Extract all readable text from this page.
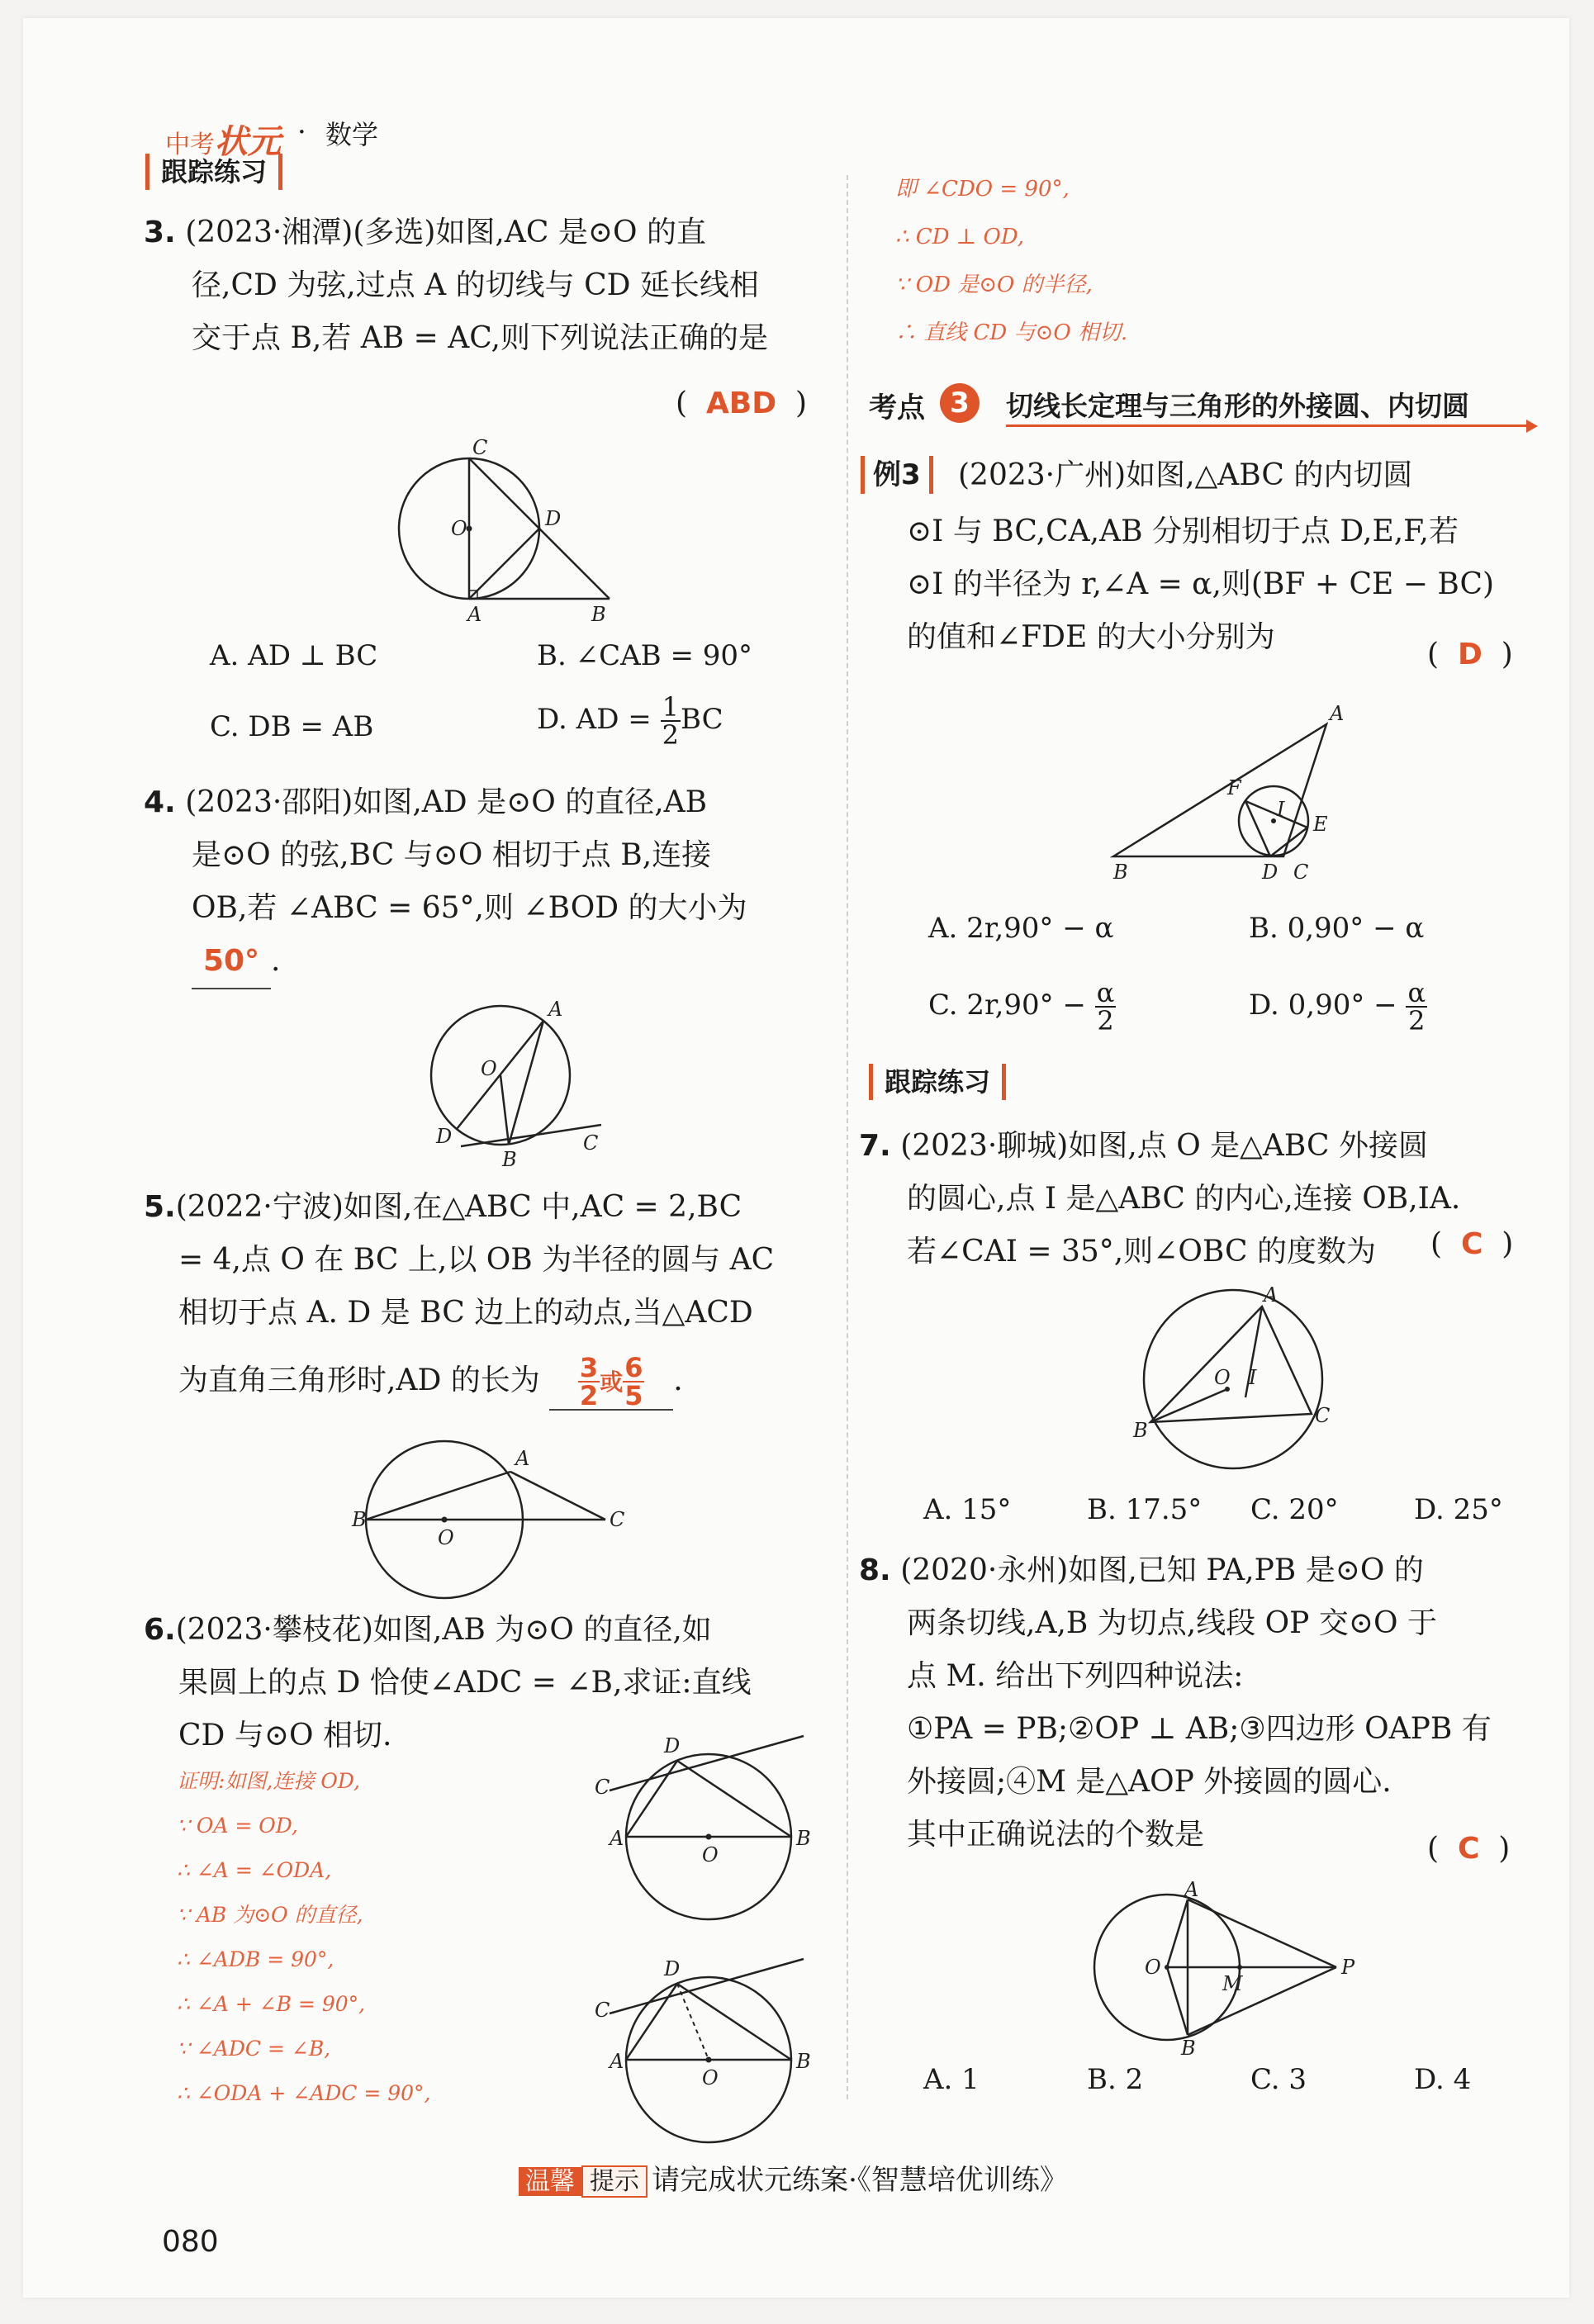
中考状元 · 数学
跟踪练习
3. (2023·湘潭)(多选)如图,AC 是⊙O 的直
径,CD 为弦,过点 A 的切线与 CD 延长线相
交于点 B,若 AB = AC,则下列说法正确的是
( ABD )
C
O	D
A	B
A. AD ⊥ BC	B. ∠CAB = 90°
C. DB = AB	D. AD = $\frac{1}{2}$ BC
4. (2023·邵阳)如图,AD 是⊙O 的直径,AB
是⊙O 的弦,BC 与⊙O 相切于点 B,连接
OB,若 ∠ABC = 65°,则 ∠BOD 的大小为
50° .
A
O
D
B
C
5.(2022·宁波)如图,在△ABC 中,AC = 2,BC
= 4,点 O 在 BC 上,以 OB 为半径的圆与 AC
相切于点 A. D 是 BC 边上的动点,当△ACD
为直角三角形时,AD 的长为 $\frac{3}{2}$ 或 $\frac{6}{5}$ .
A
B
O
C
6.(2023·攀枝花)如图,AB 为⊙O 的直径,如
果圆上的点 D 恰使∠ADC = ∠B,求证:直线
CD 与⊙O 相切.
证明:如图,连接 OD,
∵ OA = OD,
∴ ∠A = ∠ODA,
∵ AB 为⊙O 的直径,
∴ ∠ADB = 90°,
∴ ∠A + ∠B = 90°,
∵ ∠ADC = ∠B,
∴ ∠ODA + ∠ADC = 90°,
D
C
A
O
B
D
C
A
O
B
即 ∠CDO = 90°,
∴ CD ⊥ OD,
∵ OD 是⊙O 的半径,
∴ 直线 CD 与⊙O 相切.
考点 3	切线长定理与三角形的外接圆、内切圆
例3	(2023·广州)如图,△ABC 的内切圆
⊙I 与 BC,CA,AB 分别相切于点 D,E,F,若
⊙I 的半径为 r,∠A = α,则(BF + CE − BC)
的值和∠FDE 的大小分别为
( D )
A
F
I
E
B	D C
A. 2r,90° − α	B. 0,90° − α
C. $2r,90^\circ - \frac{\alpha}{2}$	D. $0,90^\circ - \frac{\alpha}{2}$
跟踪练习
7. (2023·聊城)如图,点 O 是△ABC 外接圆
的圆心,点 I 是△ABC 的内心,连接 OB,IA.
若∠CAI = 35°,则∠OBC 的度数为	( C )
A
O I
B
C
A. 15°	B. 17.5° C. 20°	D. 25°
8. (2020·永州)如图,已知 PA,PB 是⊙O 的
两条切线,A,B 为切点,线段 OP 交⊙O 于
点 M. 给出下列四种说法:
①PA = PB;②OP ⊥ AB;③四边形 OAPB 有
外接圆;④M 是△AOP 外接圆的圆心.
其中正确说法的个数是	( C )
A
O
M
P
B
A. 1	B. 2	C. 3	D. 4
温馨 提示 请完成状元练案·《智慧培优训练》
080
